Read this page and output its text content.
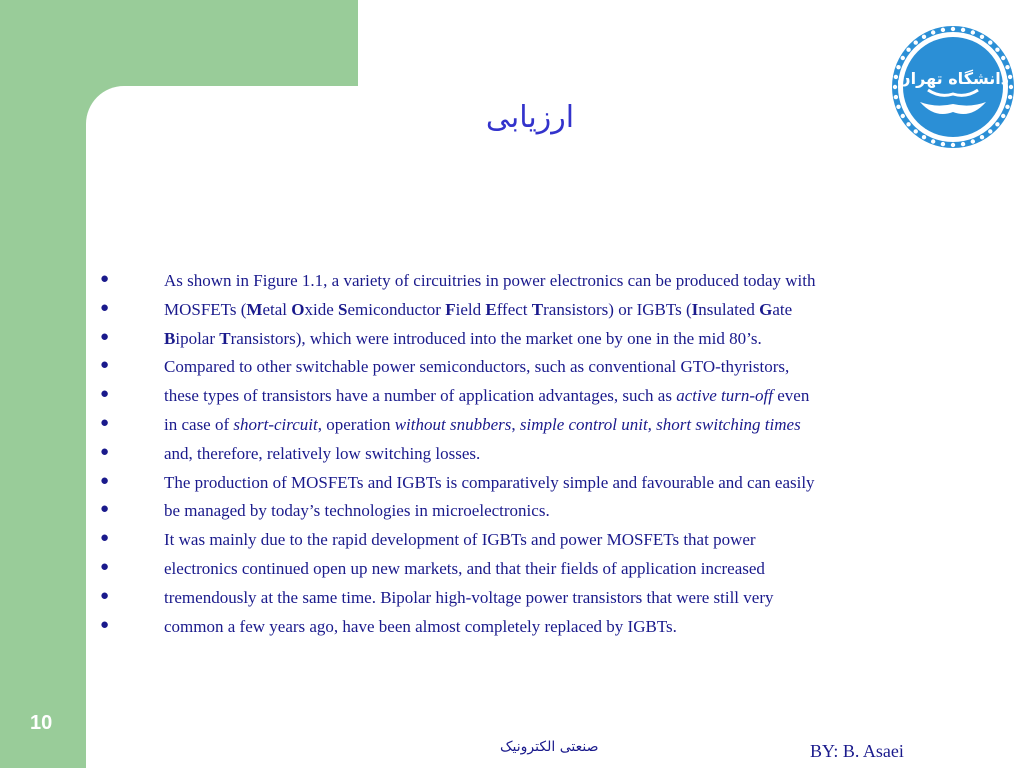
ارزیابی
دانشگاه تهران
●	As shown in Figure 1.1, a variety of circuitries in power electronics can be produced today with
●	MOSFETs (Metal Oxide Semiconductor Field Effect Transistors) or IGBTs (Insulated Gate
●	Bipolar Transistors), which were introduced into the market one by one in the mid 80’s.
●	Compared to other switchable power semiconductors, such as conventional GTO-thyristors,
●	these types of transistors have a number of application advantages, such as active turn-off even
●	in case of short-circuit, operation without snubbers, simple control unit, short switching times
●	and, therefore, relatively low switching losses.
●	The production of MOSFETs and IGBTs is comparatively simple and favourable and can easily
●	be managed by today’s technologies in microelectronics.
●	It was mainly due to the rapid development of IGBTs and power MOSFETs that power
●	electronics continued open up new markets, and that their fields of application increased
●	tremendously at the same time. Bipolar high-voltage power transistors that were still very
●	common a few years ago, have been almost completely replaced by IGBTs.
10
صنعتی الکترونیک	BY: B. Asaei
